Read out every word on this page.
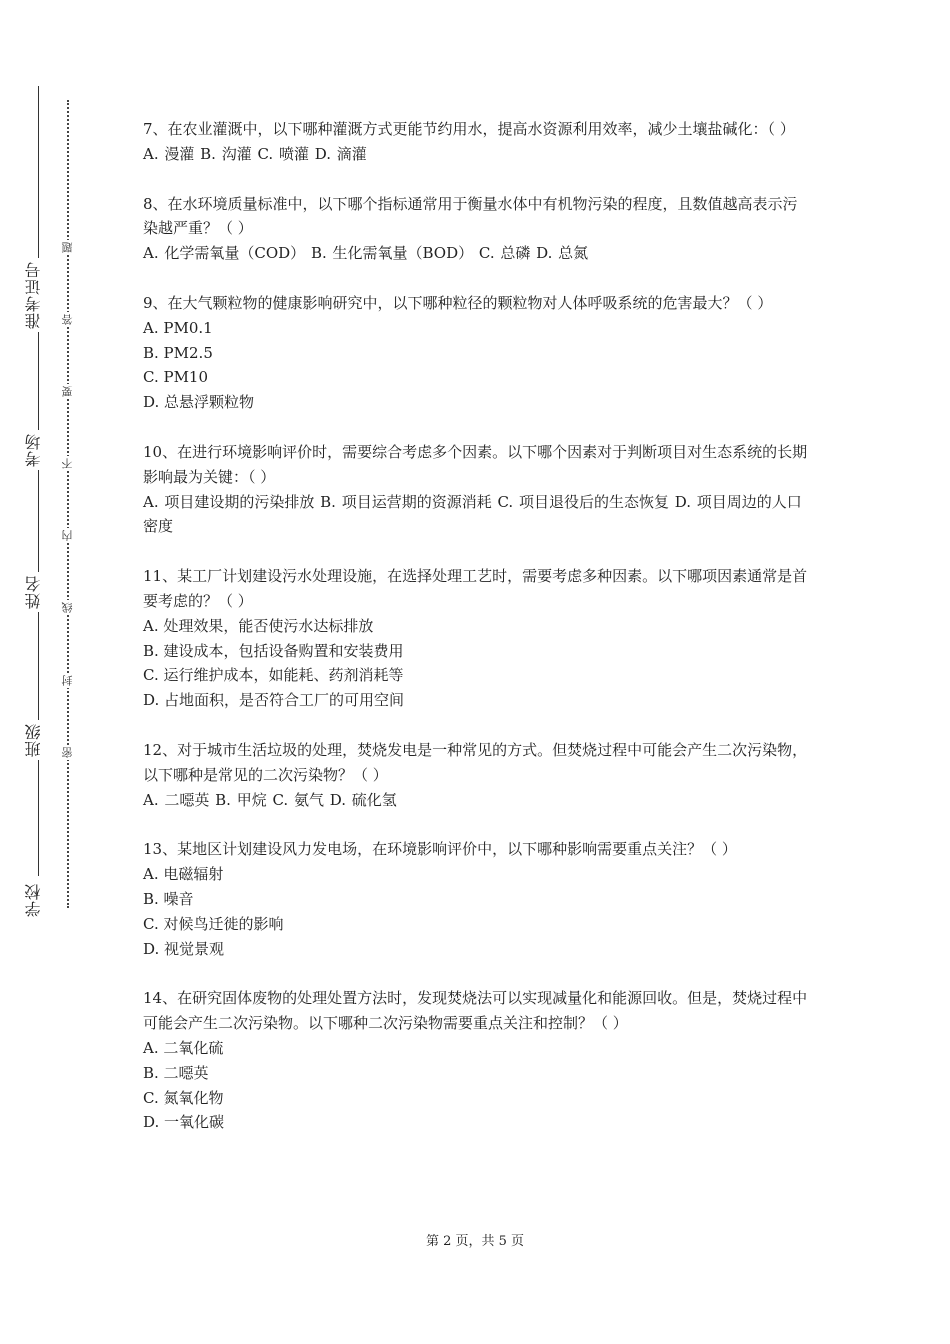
学校
班级
姓名
考场
准考证号
密
封
线
内
不
要
答
题

7、在农业灌溉中，以下哪种灌溉方式更能节约用水，提高水资源利用效率，减少土壤盐碱化：（ ）

A. 漫灌 B. 沟灌 C. 喷灌 D. 滴灌

8、在水环境质量标准中，以下哪个指标通常用于衡量水体中有机物污染的程度，且数值越高表示污染越严重？（ ）

A. 化学需氧量（COD） B. 生化需氧量（BOD） C. 总磷 D. 总氮

9、在大气颗粒物的健康影响研究中，以下哪种粒径的颗粒物对人体呼吸系统的危害最大？（ ）

A. PM0.1

B. PM2.5

C. PM10

D. 总悬浮颗粒物

10、在进行环境影响评价时，需要综合考虑多个因素。以下哪个因素对于判断项目对生态系统的长期影响最为关键：（ ）

A. 项目建设期的污染排放 B. 项目运营期的资源消耗 C. 项目退役后的生态恢复 D. 项目周边的人口密度

11、某工厂计划建设污水处理设施，在选择处理工艺时，需要考虑多种因素。以下哪项因素通常是首要考虑的？（ ）

A. 处理效果，能否使污水达标排放

B. 建设成本，包括设备购置和安装费用

C. 运行维护成本，如能耗、药剂消耗等

D. 占地面积，是否符合工厂的可用空间

12、对于城市生活垃圾的处理，焚烧发电是一种常见的方式。但焚烧过程中可能会产生二次污染物，以下哪种是常见的二次污染物？（ ）

A. 二噁英 B. 甲烷 C. 氨气 D. 硫化氢

13、某地区计划建设风力发电场，在环境影响评价中，以下哪种影响需要重点关注？（ ）

A. 电磁辐射

B. 噪音

C. 对候鸟迁徙的影响

D. 视觉景观

14、在研究固体废物的处理处置方法时，发现焚烧法可以实现减量化和能源回收。但是，焚烧过程中可能会产生二次污染物。以下哪种二次污染物需要重点关注和控制？（ ）

A. 二氧化硫

B. 二噁英

C. 氮氧化物

D. 一氧化碳

第 2 页，共 5 页
